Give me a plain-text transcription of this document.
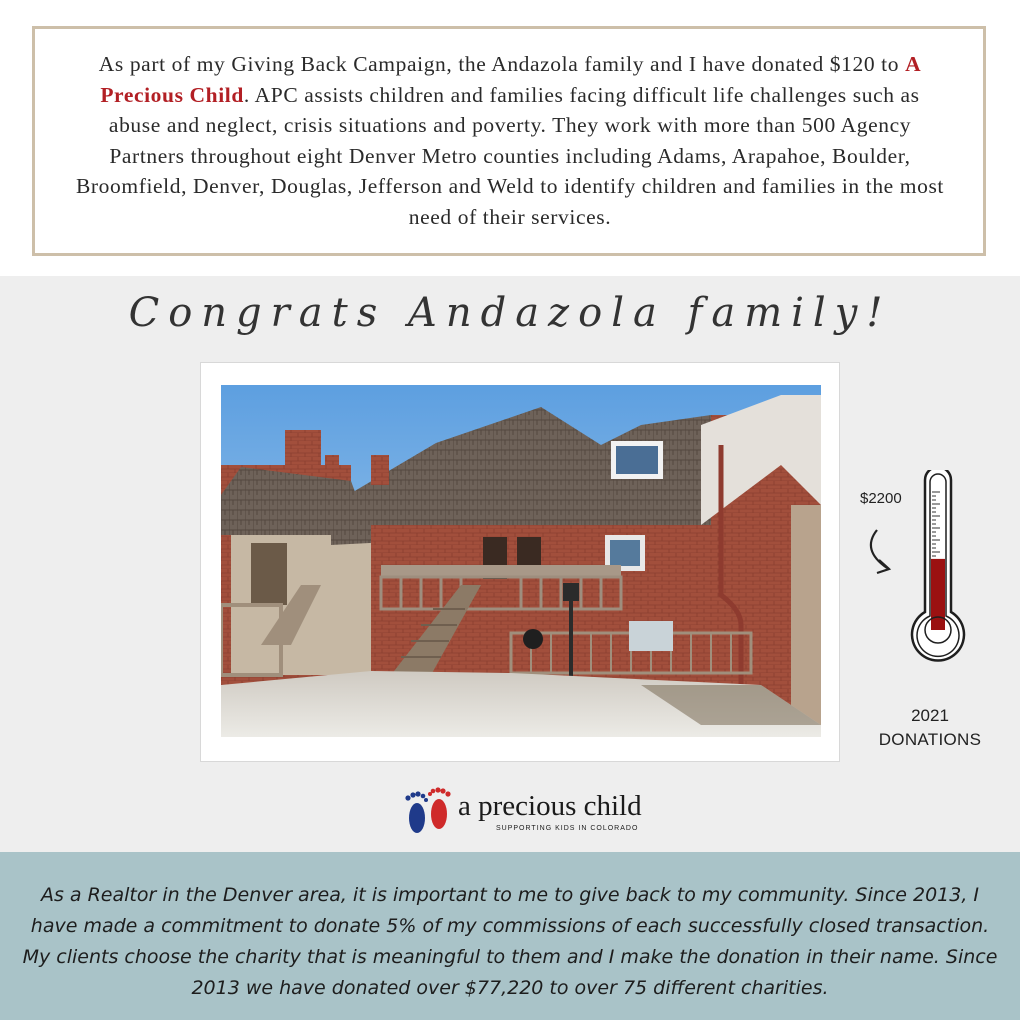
As part of my Giving Back Campaign, the Andazola family and I have donated $120 to A Precious Child. APC assists children and families facing difficult life challenges such as abuse and neglect, crisis situations and poverty. They work with more than 500 Agency Partners throughout eight Denver Metro counties including Adams, Arapahoe, Boulder, Broomfield, Denver, Douglas, Jefferson and Weld to identify children and families in the most need of their services.
Congrats Andazola family!
a precious child
SUPPORTING KIDS IN COLORADO
$2200
2021
DONATIONS
As a Realtor in the Denver area, it is important to me to give back to my community. Since 2013, I have made a commitment to donate 5% of my commissions of each successfully closed transaction. My clients choose the charity that is meaningful to them and I make the donation in their name. Since 2013 we have donated over $77,220 to over 75 different charities.
